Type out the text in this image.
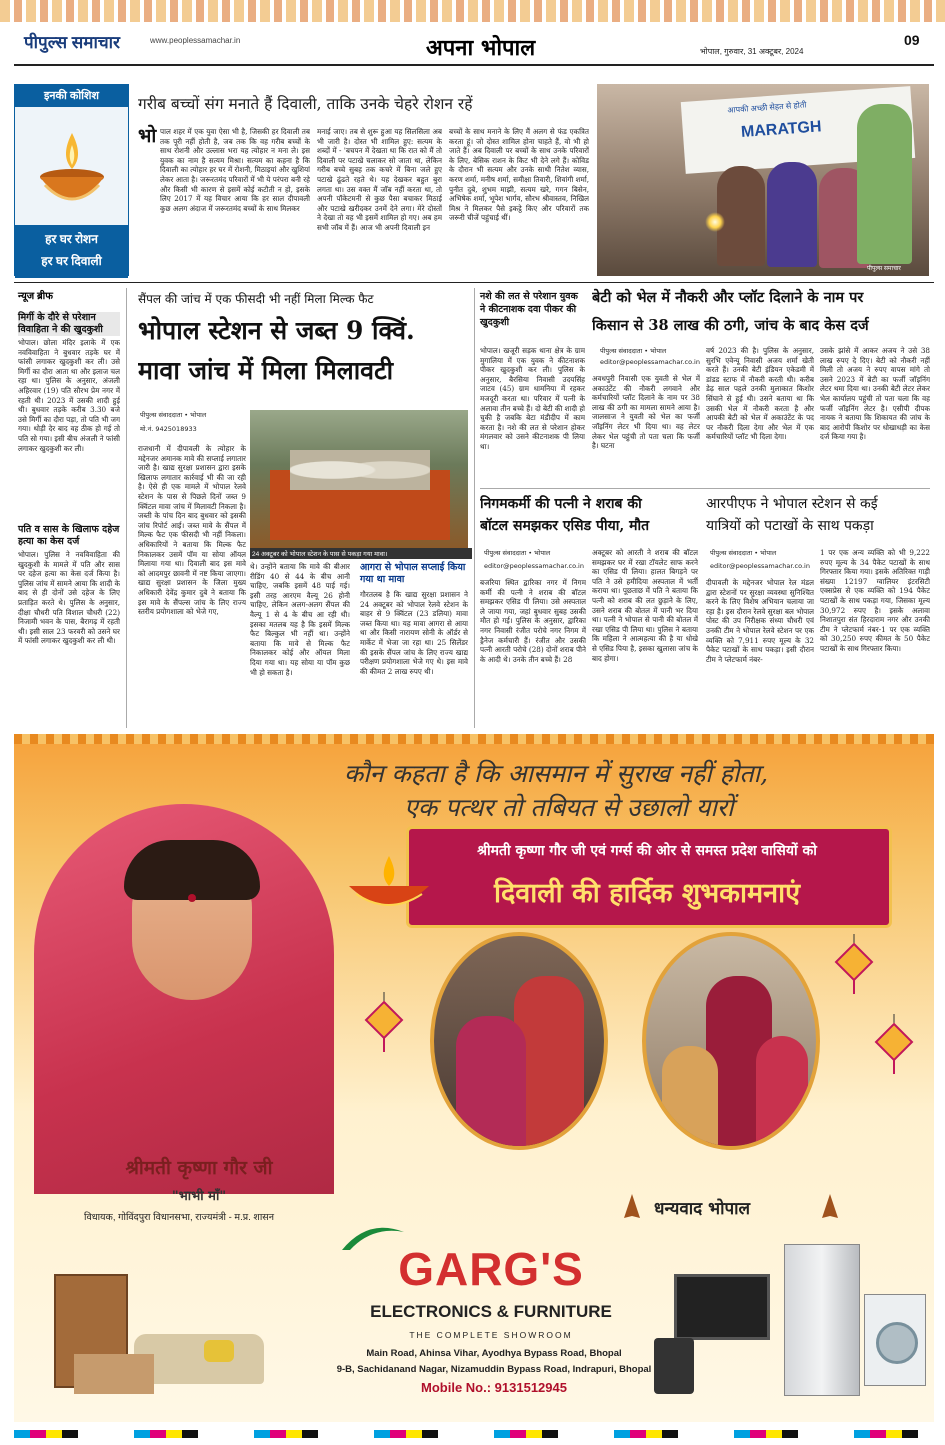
पीपुल्स समाचार	www.peoplessamachar.in	अपना भोपाल	भोपाल, गुरुवार, 31 अक्टूबर, 2024
09
इनकी कोशिश
हर घर रोशन
हर घर दिवाली
गरीब बच्चों संग मनाते हैं दिवाली, ताकि उनके चेहरे रोशन रहें
भो पाल शहर में एक युवा ऐसा भी है, जिसकी हर दिवाली तब तक पूरी नहीं होती है, जब तक कि वह गरीब बच्चों के साथ रोशनी और उल्लास भरा यह त्योहार न मना ले। इस युवक का नाम है सत्यम मिश्रा। सत्यम का कहना है कि दिवाली का त्योहार हर घर में रोशनी, मिठाइयां और खुशियां लेकर आता है। जरूरतमंद परिवारों में भी ये परंपरा बनी रहे और किसी भी कारण से इसमें कोई कटौती न हो, इसके लिए 2017 में यह विचार आया कि हर साल दीपावली कुछ अलग अंदाज में जरूरतमंद बच्चों के साथ मिलकर
मनाई जाए। तब से शुरू हुआ यह सिलसिला अब भी जारी है। दोस्त भी शामिल हुए: सत्यम के शब्दों में - 'बचपन में देखता था कि रात को मैं तो दिवाली पर पटाखे चलाकर सो जाता था, लेकिन गरीब बच्चे सुबह तक कचरे में बिना जले हुए पटाखे ढूंढते रहते थे। यह देखकर बहुत बुरा लगता था। उस वक्त मैं जॉब नहीं करता था, तो अपनी पॉकेटमनी से कुछ पैसा बचाकर मिठाई और पटाखे खरीदकर उनमें देने लगा। मेरे दोस्तों ने देखा तो वह भी इसमें शामिल हो गए। अब हम सभी जॉब में हैं। आज भी अपनी दिवाली इन
बच्चों के साथ मनाने के लिए मैं अलग से फंड एकत्रित करता हूं। जो दोस्त शामिल होना चाहते हैं, वो भी हो जाते हैं। अब दिवाली पर बच्चों के साथ उनके परिवारों के लिए, बेसिक राशन के किट भी देने लगे हैं। कोविड के दौरान भी सत्यम और उनके साथी नितेश व्यास, करण शर्मा, मनीष शर्मा, समीक्षा तिवारी, शिवांगी शर्मा, पुनीत दुबे, शुभम माझी, सत्यम खरे, गगन बिसेन, अभिषेक शर्मा, भूपेश भार्गव, सौरभ श्रीवास्तव, निखिल मिश्र ने मिलकर पैसे इकट्ठे किए और परिवारों तक जरूरी चीजें पहुंचाई थीं।
आपकी अच्छी सेहत से होती
MARATGH
पीपुल्स समाचार
न्यूज ब्रीफ
मिर्गी के दौरे से परेशान विवाहिता ने की खुदकुशी
भोपाल। छोला मंदिर इलाके में एक नवविवाहिता ने बुधवार तड़के घर में फांसी लगाकर खुदकुशी कर ली। उसे मिर्गी का दौरा आता था और इलाज चल रहा था। पुलिस के अनुसार, अंजली अहिरवार (19) पति सौरभ प्रेम नगर में रहती थी। 2023 में उसकी शादी हुई थी। बुधवार तड़के करीब 3.30 बजे उसे मिर्गी का दौरा पड़ा, तो पति भी जग गया। थोड़ी देर बाद वह ठीक हो गई तो पति सो गया। इसी बीच अंजली ने फांसी लगाकर खुदकुशी कर ली।
पति व सास के खिलाफ दहेज हत्या का केस दर्ज
भोपाल। पुलिस ने नवविवाहिता की खुदकुशी के मामले में पति और सास पर दहेज हत्या का केस दर्ज किया है। पुलिस जांच में सामने आया कि शादी के बाद से ही दोनों उसे दहेज के लिए प्रताड़ित करते थे। पुलिस के अनुसार, दीक्षा चौधरी पति विशाल चौधरी (22) निजामी भवन के पास, बैरागढ़ में रहती थी। इसी साल 23 फरवरी को उसने घर में फांसी लगाकर खुदकुशी कर ली थी।
सैंपल की जांच में एक फीसदी भी नहीं मिला मिल्क फैट
भोपाल स्टेशन से जब्त 9 क्विं.
मावा जांच में मिला मिलावटी
पीपुल्स संवाददाता • भोपाल
मो.नं. 9425018933
24 अक्टूबर को भोपाल स्टेशन के पास से पकड़ा गया मावा।
राजधानी में दीपावली के त्योहार के मद्देनजर अमानक मावे की सप्लाई लगातार जारी है। खाद्य सुरक्षा प्रशासन द्वारा इसके खिलाफ लगातार कार्रवाई भी की जा रही है। ऐसे ही एक मामले में भोपाल रेलवे स्टेशन के पास से पिछले दिनों जब्त 9 क्विंटल मावा जांच में मिलावटी निकला है। जब्ती के पांच दिन बाद बुधवार को इसकी जांच रिपोर्ट आई। जब्त मावे के सैंपल में मिल्क फैट एक फीसदी भी नहीं निकला। अधिकारियों ने बताया कि मिल्क फैट निकालकर उसमें पॉम या सोया ऑयल मिलाया गया था। दिवाली बाद इस मावे को आदमपुर छावनी में नष्ट किया जाएगा। खाद्य सुरक्षा प्रशासन के जिला मुख्य अधिकारी देवेंद्र कुमार दुबे ने बताया कि इस मावे के सैंपल्स जांच के लिए राज्य स्तरीय प्रयोगशाला को भेजे गए,
थे। उन्होंने बताया कि मावे की बीआर रीडिंग 40 से 44 के बीच आनी चाहिए, जबकि इसमें 48 पाई गई। इसी तरह आरएम वैल्यू 26 होनी चाहिए, लेकिन अलग-अलग सैंपल की वैल्यू 1 से 4 के बीच आ रही थी। इसका मतलब यह है कि इसमें मिल्क फैट बिल्कुल भी नहीं था। उन्होंने बताया कि मावे से मिल्क फैट निकालकर कोई और ऑयल मिला दिया गया था। यह सोया या पॉम कुछ भी हो सकता है।
आगरा से भोपाल सप्लाई किया गया था मावा
गौरतलब है कि खाद्य सुरक्षा प्रशासन ने 24 अक्टूबर को भोपाल रेलवे स्टेशन के बाहर से 9 क्विंटल (23 डलिया) मावा जब्त किया था। यह मावा आगरा से आया था और किसी नारायण सोनी के ऑर्डर से मार्केट में भेजा जा रहा था। 25 सिलेंडर की इसके सैंपल जांच के लिए राज्य खाद्य परीक्षण प्रयोगशाला भेजे गए थे। इस मावे की कीमत 2 लाख रुपए थी।
नशे की लत से परेशान युवक ने कीटनाशक दवा पीकर की खुदकुशी
भोपाल। खजूरी सड़क थाना क्षेत्र के ग्राम मुगालिया में एक युवक ने कीटनाशक पीकर खुदकुशी कर ली। पुलिस के अनुसार, बैरसिया निवासी उदयसिंह जाटव (45) ग्राम धामनिया में रहकर मजदूरी करता था। परिवार में पत्नी के अलावा तीन बच्चे हैं। दो बेटी की शादी हो चुकी है जबकि बेटा मंडीदीप में काम करता है। नशे की लत से परेशान होकर मंगलवार को उसने कीटनाशक पी लिया था।
बेटी को भेल में नौकरी और प्लॉट दिलाने के नाम पर
किसान से 38 लाख की ठगी, जांच के बाद केस दर्ज
पीपुल्स संवाददाता • भोपाल
editor@peoplessamachar.co.in
अवधपुरी निवासी एक युवती से भेल में अकाउंटेंट की नौकरी लगवाने और कर्मचारियों प्लॉट दिलाने के नाम पर 38 लाख की ठगी का मामला सामने आया है। जालसाज ने युवती को भेल का फर्जी जॉइनिंग लेटर भी दिया था। वह लेटर लेकर भेल पहुंची तो पता चला कि फर्जी है। घटना
वर्ष 2023 की है। पुलिस के अनुसार, सुरभि एवेन्यू निवासी अजय शर्मा खेती करते हैं। उनकी बेटी इंडियन एकेडमी में डांडड स्टाफ में नौकरी करती थी। करीब डेढ़ साल पहले उनकी मुलाकात किशोर सिंघाने से हुई थी। उसने बताया था कि उसकी भेल में नौकरी करता है और आपकी बेटी को भेल में अकाउंटेंट के पद पर नौकरी दिला देगा और भेल में एक कर्मचारियों प्लॉट भी दिला देगा।
उसके झांसे में आकर अजय ने उसे 38 लाख रुपए दे दिए। बेटी को नौकरी नहीं मिली तो अजय ने रुपए वापस मांगे तो उसने 2023 में बेटी का फर्जी जॉइनिंग लेटर थमा दिया था। उनकी बेटी लेटर लेकर भेल कार्यालय पहुंची तो पता चला कि वह फर्जी जॉइनिंग लेटर है। एसीपी दीपक नायक ने बताया कि शिकायत की जांच के बाद आरोपी किशोर पर धोखाधड़ी का केस दर्ज किया गया है।
निगमकर्मी की पत्नी ने शराब की
बॉटल समझकर एसिड पीया, मौत
पीपुल्स संवाददाता • भोपाल
editor@peoplessamachar.co.in
बजरिया स्थित द्वारिका नगर में निगम कर्मी की पत्नी ने शराब की बॉटल समझकर एसिड पी लिया। उसे अस्पताल ले जाया गया, जहां बुधवार सुबह उसकी मौत हो गई। पुलिस के अनुसार, द्वारिका नगर निवासी रंजीत परोचे नगर निगम में ड्रैनेज कर्मचारी हैं। रंजीत और उसकी पत्नी आरती परोचे (28) दोनों शराब पीने के आदी थे। उनके तीन बच्चे हैं। 28
अक्टूबर को आरती ने शराब की बॉटल समझकर घर में रखा टॉयलेट साफ करने का एसिड पी लिया। हालत बिगड़ने पर पति ने उसे हमीदिया अस्पताल में भर्ती कराया था। पूछताछ में पति ने बताया कि पत्नी को शराब की लत छुड़ाने के लिए, उसने शराब की बोतल में पानी भर दिया था। पत्नी ने भोपाल से पानी की बोतल में रखा एसिड पी लिया था। पुलिस ने बताया कि महिला ने आत्महत्या की है या धोखे से एसिड पिया है, इसका खुलासा जांच के बाद होगा।
आरपीएफ ने भोपाल स्टेशन से कई
यात्रियों को पटाखों के साथ पकड़ा
पीपुल्स संवाददाता • भोपाल
editor@peoplessamachar.co.in
दीपावली के मद्देनजर भोपाल रेल मंडल द्वारा स्टेशनों पर सुरक्षा व्यवस्था सुनिश्चित करने के लिए विशेष अभियान चलाया जा रहा है। इस दौरान रेलवे सुरक्षा बल भोपाल पोस्ट की उप निरीक्षक संध्या चौधरी एवं उनकी टीम ने भोपाल रेलवे स्टेशन पर एक व्यक्ति को 7,911 रुपए मूल्य के 32 पैकेट पटाखों के साथ पकड़ा। इसी दौरान टीम ने प्लेटफार्म नंबर-
1 पर एक अन्य व्यक्ति को भी 9,222 रुपए मूल्य के 34 पैकेट पटाखों के साथ गिरफ्तार किया गया। इसके अतिरिक्त गाड़ी संख्या 12197 ग्वालियर इंटरसिटी एक्सप्रेस से एक व्यक्ति को 194 पैकेट पटाखों के साथ पकड़ा गया, जिसका मूल्य 30,972 रुपए है। इसके अलावा निशातपुरा संत हिरदाराम नगर और उनकी टीम ने प्लेटफार्म नंबर-1 पर एक व्यक्ति को 30,250 रुपए कीमत के 50 पैकेट पटाखों के साथ गिरफ्तार किया।
कौन कहता है कि आसमान में सुराख नहीं होता,
एक पत्थर तो तबियत से उछालो यारों
श्रीमती कृष्णा गौर जी एवं गर्ग्स की ओर से समस्त प्रदेश वासियों को
दिवाली की हार्दिक शुभकामनाएं
श्रीमती कृष्णा गौर जी
"भाभी माँ"
विधायक, गोविंदपुरा विधानसभा, राज्यमंत्री - म.प्र. शासन	धन्यवाद भोपाल
GARG'S
ELECTRONICS & FURNITURE
THE COMPLETE SHOWROOM
Main Road, Ahinsa Vihar, Ayodhya Bypass Road, Bhopal
9-B, Sachidanand Nagar, Nizamuddin Bypass Road, Indrapuri, Bhopal
Mobile No.: 9131512945
